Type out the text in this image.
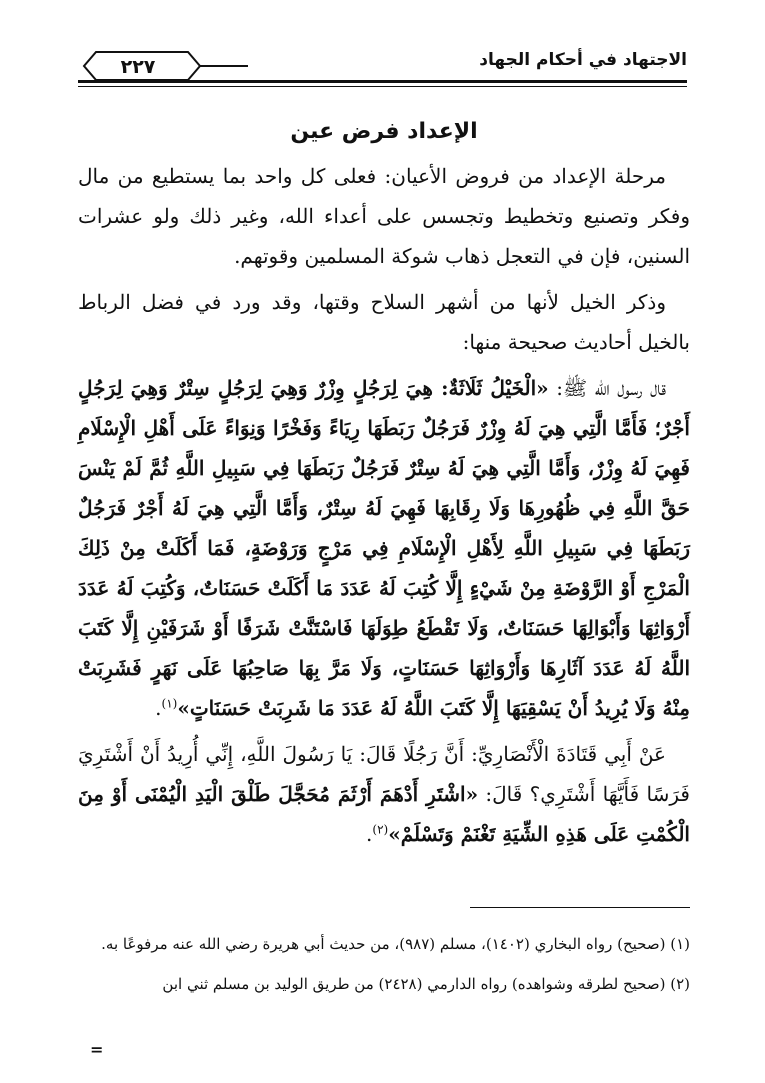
الاجتهاد في أحكام الجهاد
٢٢٧
الإعداد فرض عين

مرحلة الإعداد من فروض الأعيان: فعلى كل واحد بما يستطيع من مال وفكر وتصنيع وتخطيط وتجسس على أعداء الله، وغير ذلك ولو عشرات السنين، فإن في التعجل ذهاب شوكة المسلمين وقوتهم.

وذكر الخيل لأنها من أشهر السلاح وقتها، وقد ورد في فضل الرباط بالخيل أحاديث صحيحة منها:

قال رسول الله ﷺ: «الْخَيْلُ ثَلَاثَةٌ: هِيَ لِرَجُلٍ وِزْرٌ وَهِيَ لِرَجُلٍ سِتْرٌ وَهِيَ لِرَجُلٍ أَجْرٌ؛ فَأَمَّا الَّتِي هِيَ لَهُ وِزْرٌ فَرَجُلٌ رَبَطَهَا رِيَاءً وَفَخْرًا وَنِوَاءً عَلَى أَهْلِ الْإِسْلَامِ فَهِيَ لَهُ وِزْرٌ، وَأَمَّا الَّتِي هِيَ لَهُ سِتْرٌ فَرَجُلٌ رَبَطَهَا فِي سَبِيلِ اللَّهِ ثُمَّ لَمْ يَنْسَ حَقَّ اللَّهِ فِي ظُهُورِهَا وَلَا رِقَابِهَا فَهِيَ لَهُ سِتْرٌ، وَأَمَّا الَّتِي هِيَ لَهُ أَجْرٌ فَرَجُلٌ رَبَطَهَا فِي سَبِيلِ اللَّهِ لِأَهْلِ الْإِسْلَامِ فِي مَرْجٍ وَرَوْضَةٍ، فَمَا أَكَلَتْ مِنْ ذَلِكَ الْمَرْجِ أَوْ الرَّوْضَةِ مِنْ شَيْءٍ إِلَّا كُتِبَ لَهُ عَدَدَ مَا أَكَلَتْ حَسَنَاتٌ، وَكُتِبَ لَهُ عَدَدَ أَرْوَاثِهَا وَأَبْوَالِهَا حَسَنَاتٌ، وَلَا تَقْطَعُ طِوَلَهَا فَاسْتَنَّتْ شَرَفًا أَوْ شَرَفَيْنِ إِلَّا كَتَبَ اللَّهُ لَهُ عَدَدَ آثَارِهَا وَأَرْوَاثِهَا حَسَنَاتٍ، وَلَا مَرَّ بِهَا صَاحِبُهَا عَلَى نَهَرٍ فَشَرِبَتْ مِنْهُ وَلَا يُرِيدُ أَنْ يَسْقِيَهَا إِلَّا كَتَبَ اللَّهُ لَهُ عَدَدَ مَا شَرِبَتْ حَسَنَاتٍ»$^{(١)}$.

عَنْ أَبِي قَتَادَةَ الْأَنْصَارِيِّ: أَنَّ رَجُلًا قَالَ: يَا رَسُولَ اللَّهِ، إِنِّي أُرِيدُ أَنْ أَشْتَرِيَ فَرَسًا فَأَيَّهَا أَشْتَرِي؟ قَالَ: «اشْتَرِ أَدْهَمَ أَرْثَمَ مُحَجَّلَ طَلْقَ الْيَدِ الْيُمْنَى أَوْ مِنَ الْكُمْتِ عَلَى هَذِهِ الشِّيَةِ تَغْنَمْ وَتَسْلَمْ»$^{(٢)}$.

(١) (صحيح) رواه البخاري (١٤٠٢)، مسلم (٩٨٧)، من حديث أبي هريرة رضي الله عنه مرفوعًا به.

(٢) (صحيح لطرقه وشواهده) رواه الدارمي (٢٤٢٨) من طريق الوليد بن مسلم ثني ابن

=
